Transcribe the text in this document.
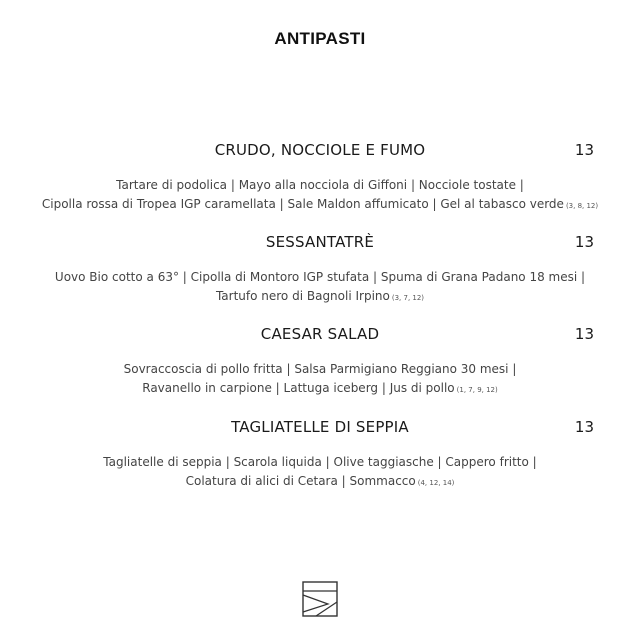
ANTIPASTI
CRUDO, NOCCIOLE E FUMO	13
Tartare di podolica | Mayo alla nocciola di Giffoni | Nocciole tostate |
Cipolla rossa di Tropea IGP caramellata | Sale Maldon affumicato | Gel al tabasco verde (3, 8, 12)
SESSANTATRÈ	13
Uovo Bio cotto a 63° | Cipolla di Montoro IGP stufata | Spuma di Grana Padano 18 mesi |
Tartufo nero di Bagnoli Irpino (3, 7, 12)
CAESAR SALAD	13
Sovraccoscia di pollo fritta | Salsa Parmigiano Reggiano 30 mesi |
Ravanello in carpione | Lattuga iceberg | Jus di pollo (1, 7, 9, 12)
TAGLIATELLE DI SEPPIA	13
Tagliatelle di seppia | Scarola liquida | Olive taggiasche | Cappero fritto |
Colatura di alici di Cetara | Sommacco (4, 12, 14)
